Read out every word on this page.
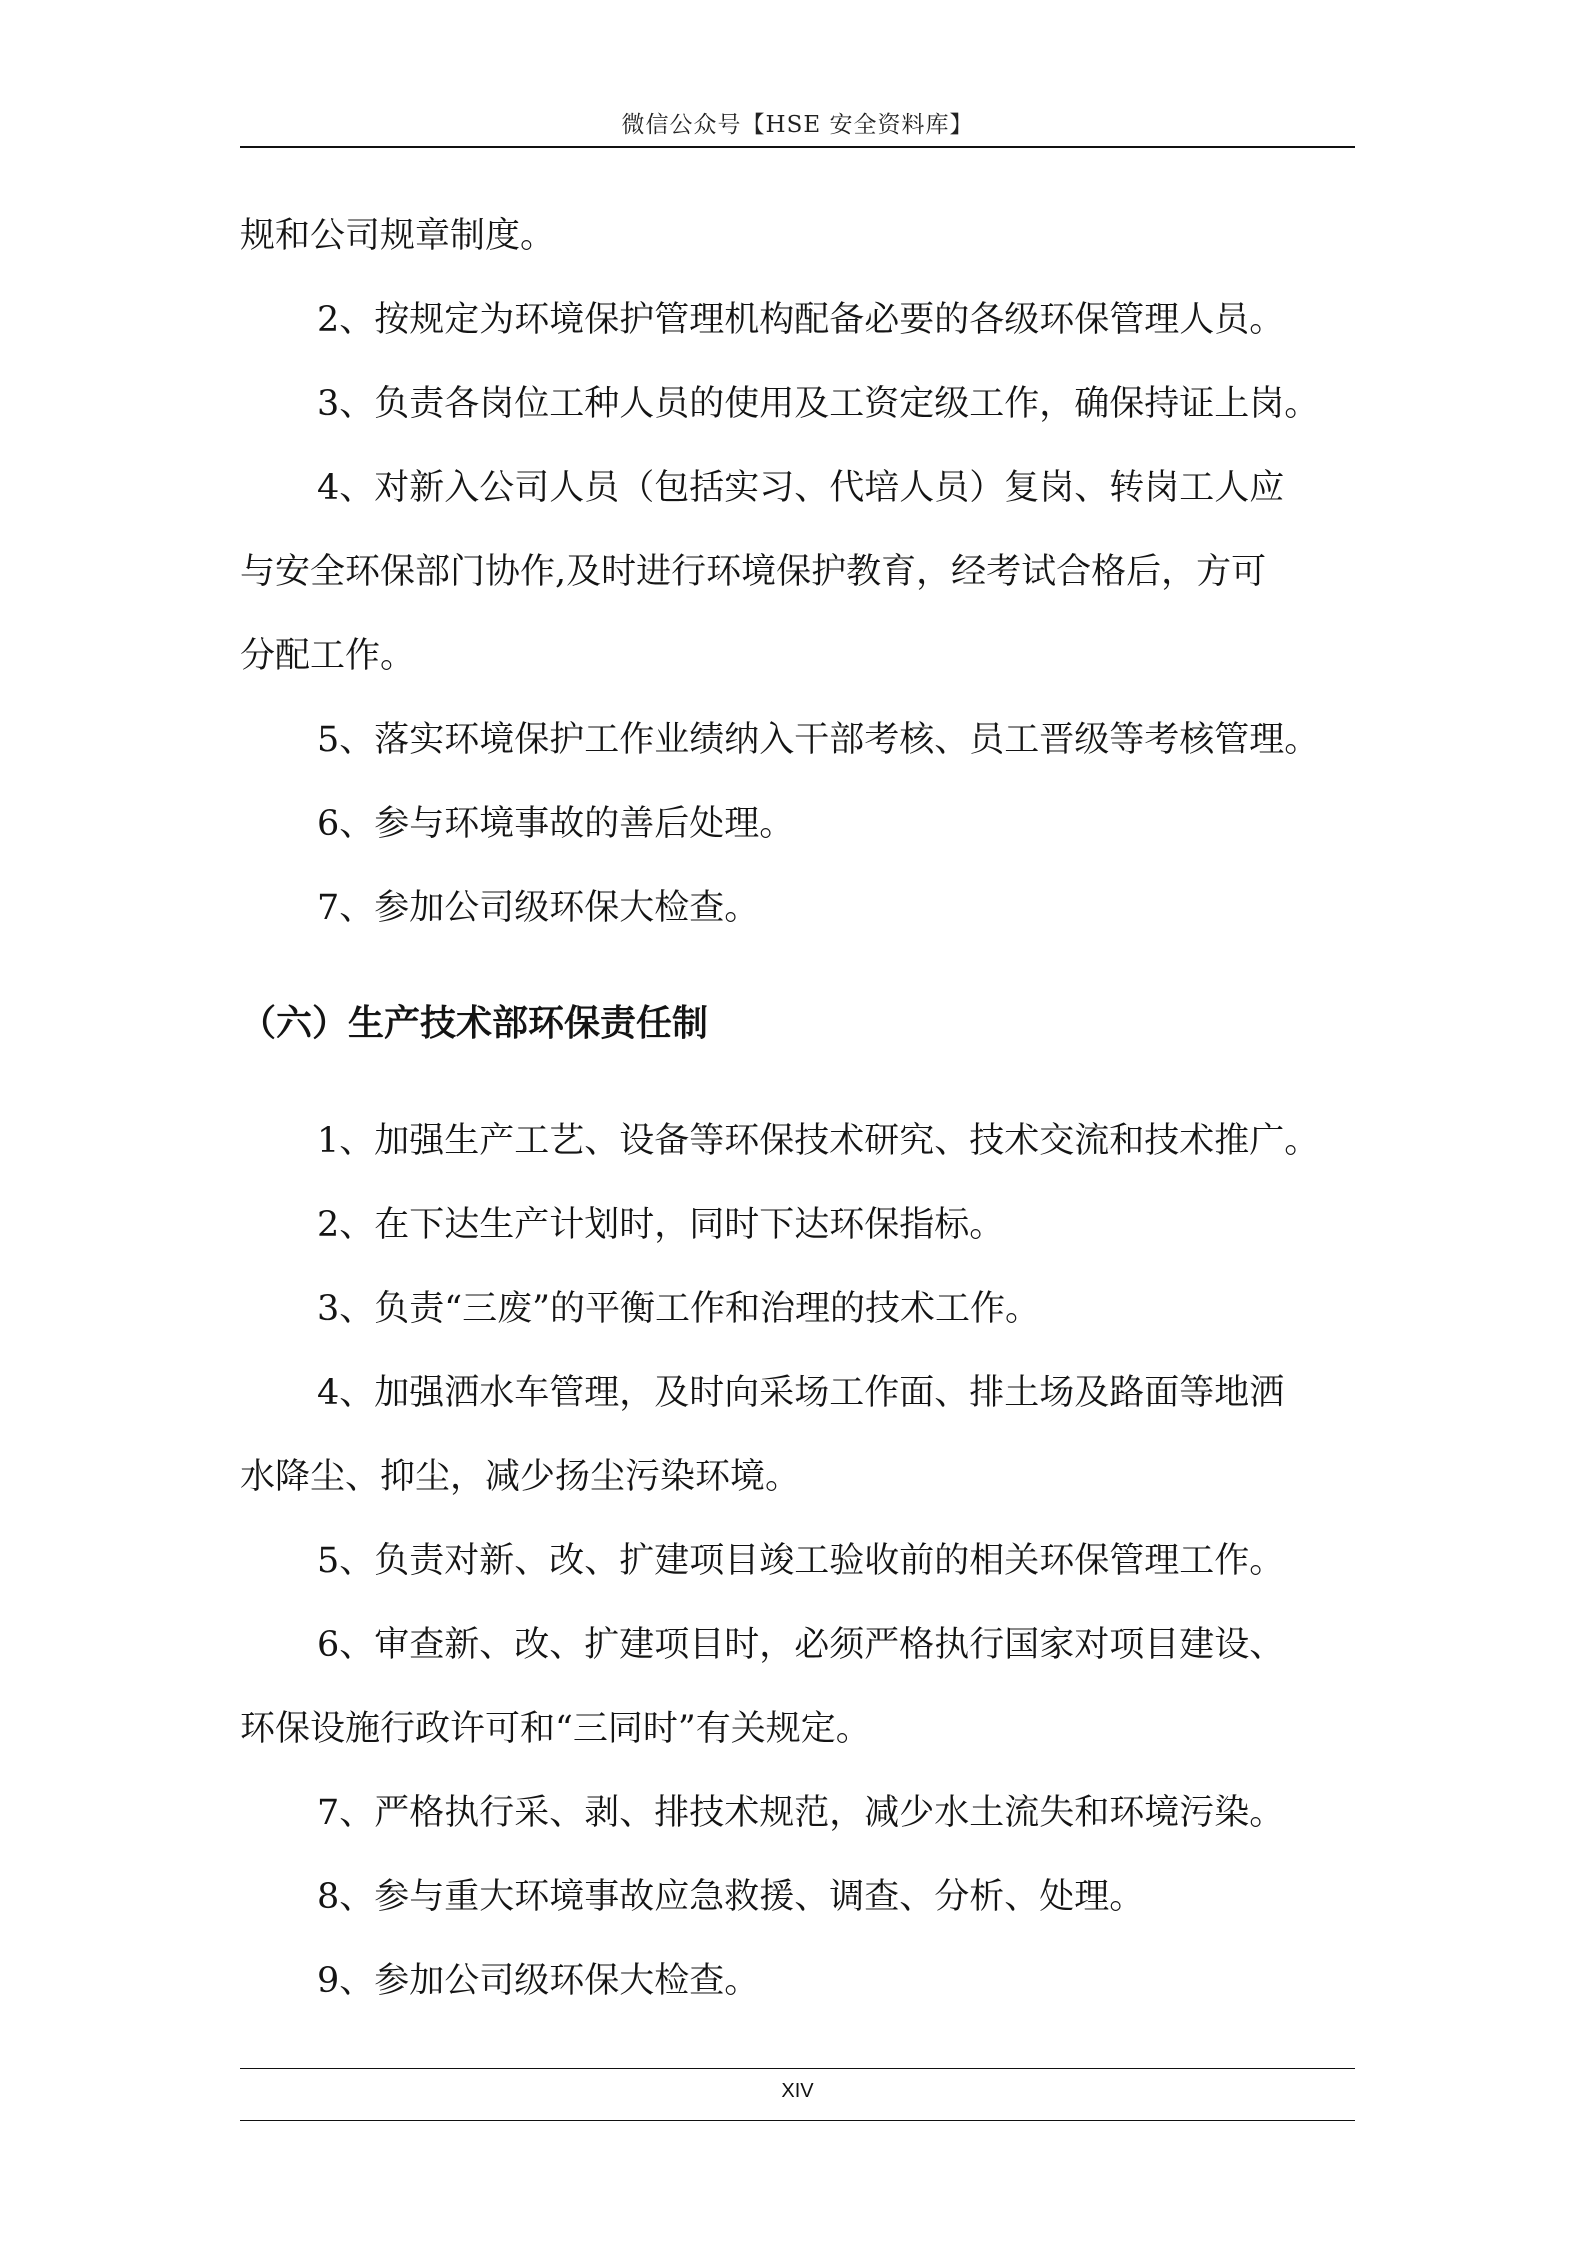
微信公众号【HSE 安全资料库】
规和公司规章制度。
2、按规定为环境保护管理机构配备必要的各级环保管理人员。
3、负责各岗位工种人员的使用及工资定级工作，确保持证上岗。
4、对新入公司人员（包括实习、代培人员）复岗、转岗工人应
与安全环保部门协作,及时进行环境保护教育，经考试合格后，方可
分配工作。
5、落实环境保护工作业绩纳入干部考核、员工晋级等考核管理。
6、参与环境事故的善后处理。
7、参加公司级环保大检查。
（六）生产技术部环保责任制
1、加强生产工艺、设备等环保技术研究、技术交流和技术推广。
2、在下达生产计划时，同时下达环保指标。
3、负责“三废”的平衡工作和治理的技术工作。
4、加强洒水车管理，及时向采场工作面、排土场及路面等地洒
水降尘、抑尘，减少扬尘污染环境。
5、负责对新、改、扩建项目竣工验收前的相关环保管理工作。
6、审查新、改、扩建项目时，必须严格执行国家对项目建设、
环保设施行政许可和“三同时”有关规定。
7、严格执行采、剥、排技术规范，减少水土流失和环境污染。
8、参与重大环境事故应急救援、调查、分析、处理。
9、参加公司级环保大检查。
XIV
